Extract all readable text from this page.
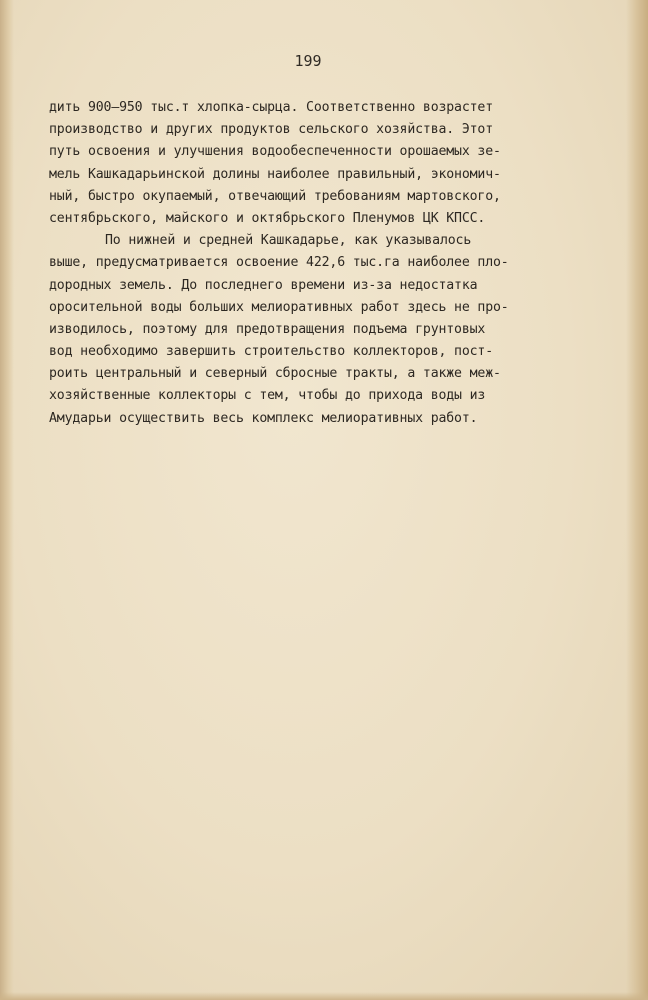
199
дить 900–950 тыс.т хлопка-сырца. Соответственно возрастет
производство и других продуктов сельского хозяйства. Этот
путь освоения и улучшения водообеспеченности орошаемых зе-
мель Кашкадарьинской долины наиболее правильный, экономич-
ный, быстро окупаемый, отвечающий требованиям мартовского,
сентябрьского, майского и октябрьского Пленумов ЦК КПСС.
По нижней и средней Кашкадарье, как указывалось
выше, предусматривается освоение 422,6 тыс.га наиболее пло-
дородных земель. До последнего времени из-за недостатка
оросительной воды больших мелиоративных работ здесь не про-
изводилось, поэтому для предотвращения подъема грунтовых
вод необходимо завершить строительство коллекторов, пост-
роить центральный и северный сбросные тракты, а также меж-
хозяйственные коллекторы с тем, чтобы до прихода воды из
Амударьи осуществить весь комплекс мелиоративных работ.
